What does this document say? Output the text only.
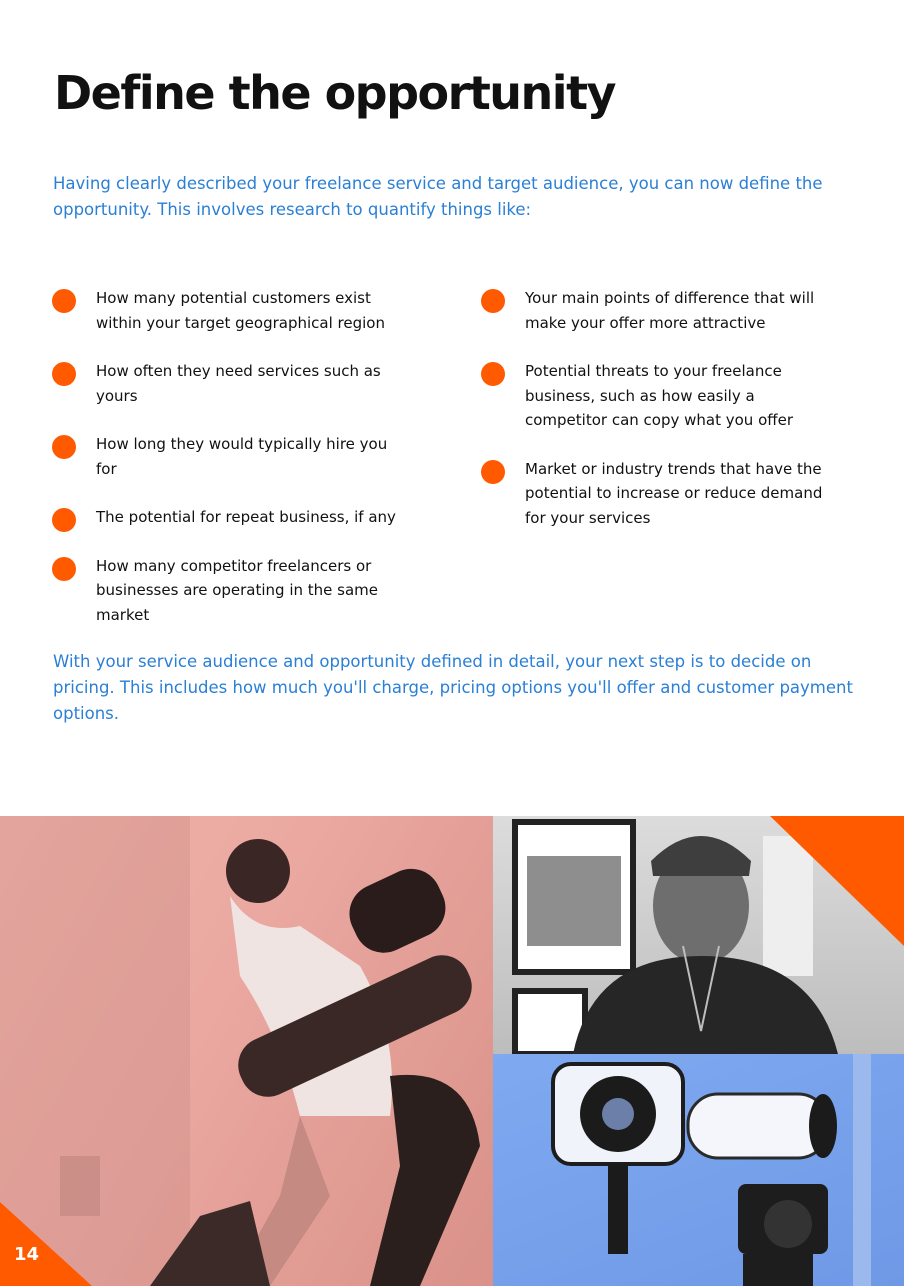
Define the opportunity

Having clearly described your freelance service and target audience, you can now define the opportunity. This involves research to quantify things like:

How many potential customers exist within your target geographical region
How often they need services such as yours
How long they would typically hire you for
The potential for repeat business, if any
How many competitor freelancers or businesses are operating in the same market
Your main points of difference that will make your offer more attractive
Potential threats to your freelance business, such as how easily a competitor can copy what you offer
Market or industry trends that have the potential to increase or reduce demand for your services

With your service audience and opportunity defined in detail, your next step is to decide on pricing. This includes how much you'll charge, pricing options you'll offer and customer payment options.

14
